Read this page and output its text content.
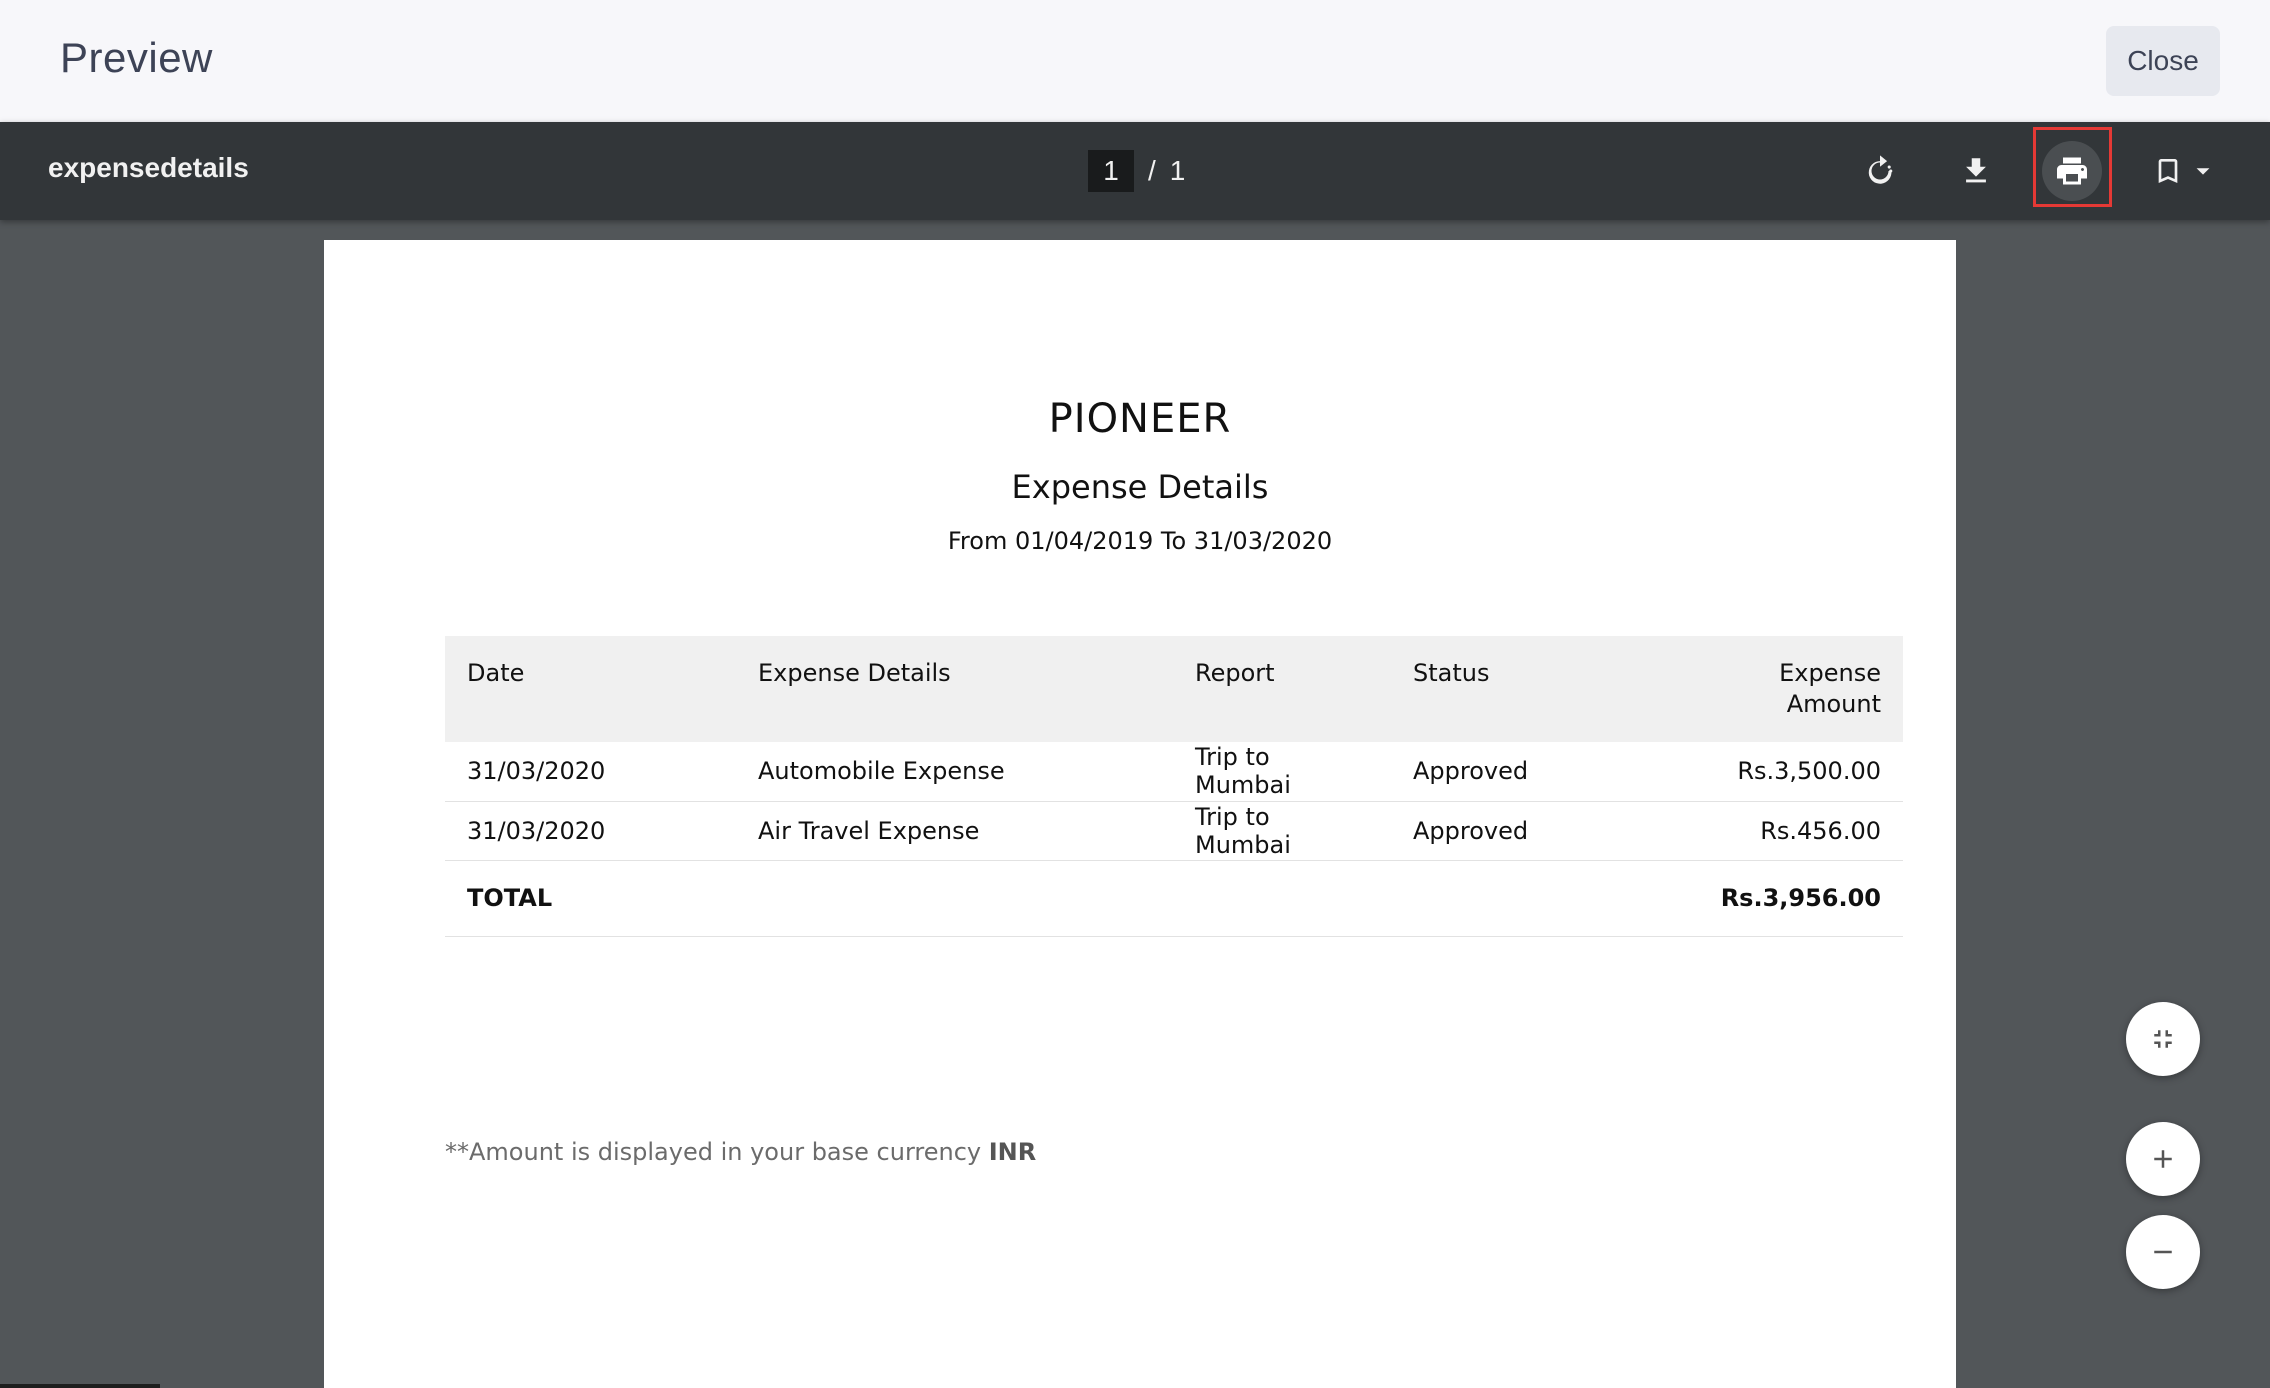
Preview	Close
expensedetails
1	/ 1
PIONEER
Expense Details
From 01/04/2019 To 31/03/2020
Date	Expense Details	Report	Status	Expense
Amount
31/03/2020	Automobile Expense	Trip to Mumbai	Approved	Rs.3,500.00
31/03/2020	Air Travel Expense	Trip to Mumbai	Approved	Rs.456.00
TOTAL				Rs.3,956.00
**Amount is displayed in your base currency INR
